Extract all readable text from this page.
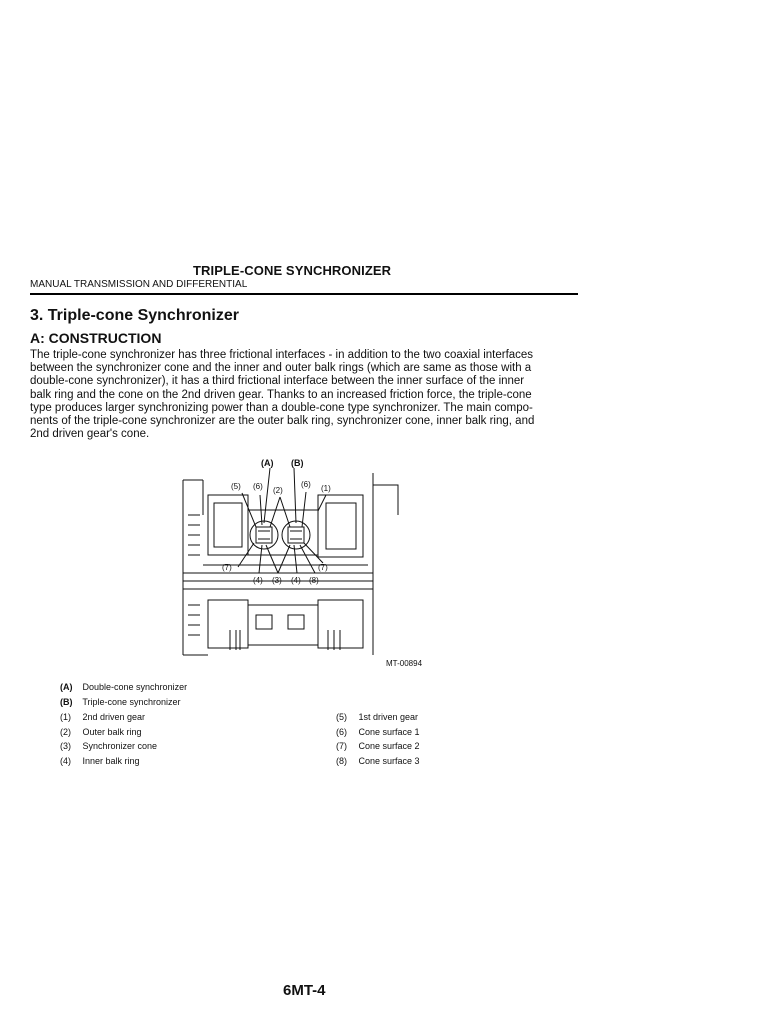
TRIPLE-CONE SYNCHRONIZER
MANUAL TRANSMISSION AND DIFFERENTIAL
3. Triple-cone Synchronizer
A: CONSTRUCTION

The triple-cone synchronizer has three frictional interfaces - in addition to the two coaxial interfaces
between the synchronizer cone and the inner and outer balk rings (which are same as those with a
double-cone synchronizer), it has a third frictional interface between the inner surface of the inner
balk ring and the cone on the 2nd driven gear. Thanks to an increased friction force, the triple-cone
type produces larger synchronizing power than a double-cone type synchronizer. The main compo-
nents of the triple-cone synchronizer are the outer balk ring, synchronizer cone, inner balk ring, and
2nd driven gear's cone.

(A) (B)
(5) (6) (2)
(6) (1)
(7)	(7)
(4) (3) (4) (8)
MT-00894
(A) Double-cone synchronizer
(B) Triple-cone synchronizer
(1) 2nd driven gear
(2) Outer balk ring
(3) Synchronizer cone
(4) Inner balk ring
(5) 1st driven gear
(6) Cone surface 1
(7) Cone surface 2
(8) Cone surface 3
6MT-4
